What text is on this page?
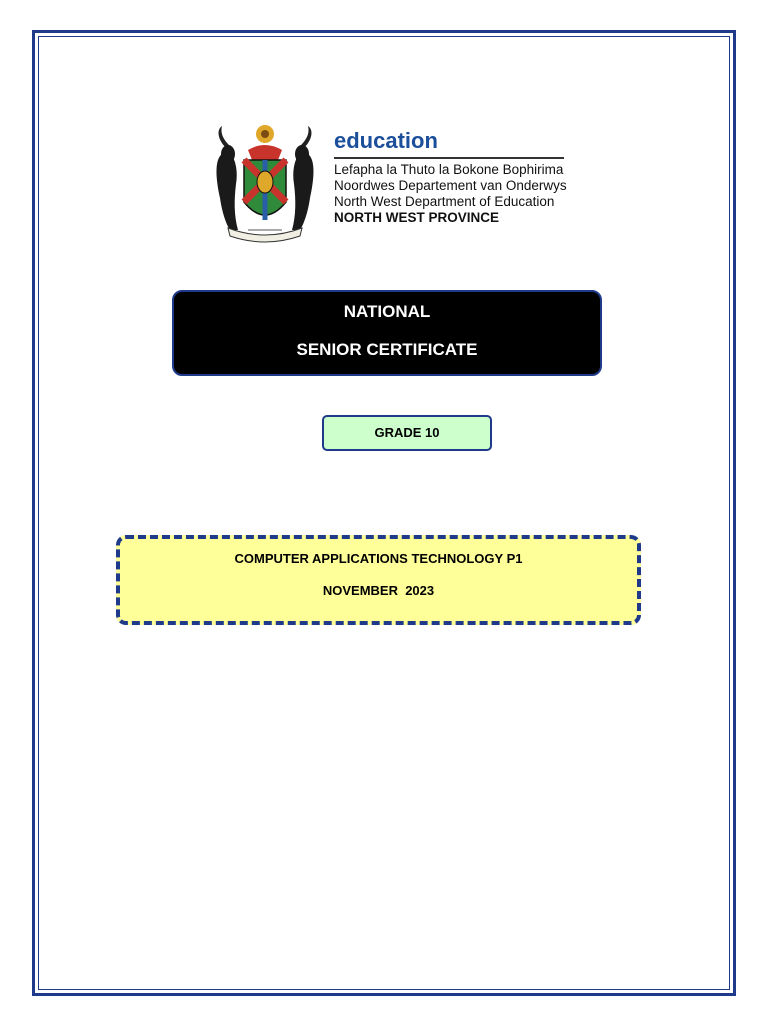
education
Lefapha la Thuto la Bokone Bophirima
Noordwes Departement van Onderwys
North West Department of Education
NORTH WEST PROVINCE
NATIONAL
SENIOR CERTIFICATE
GRADE 10
COMPUTER APPLICATIONS TECHNOLOGY P1
NOVEMBER  2023
